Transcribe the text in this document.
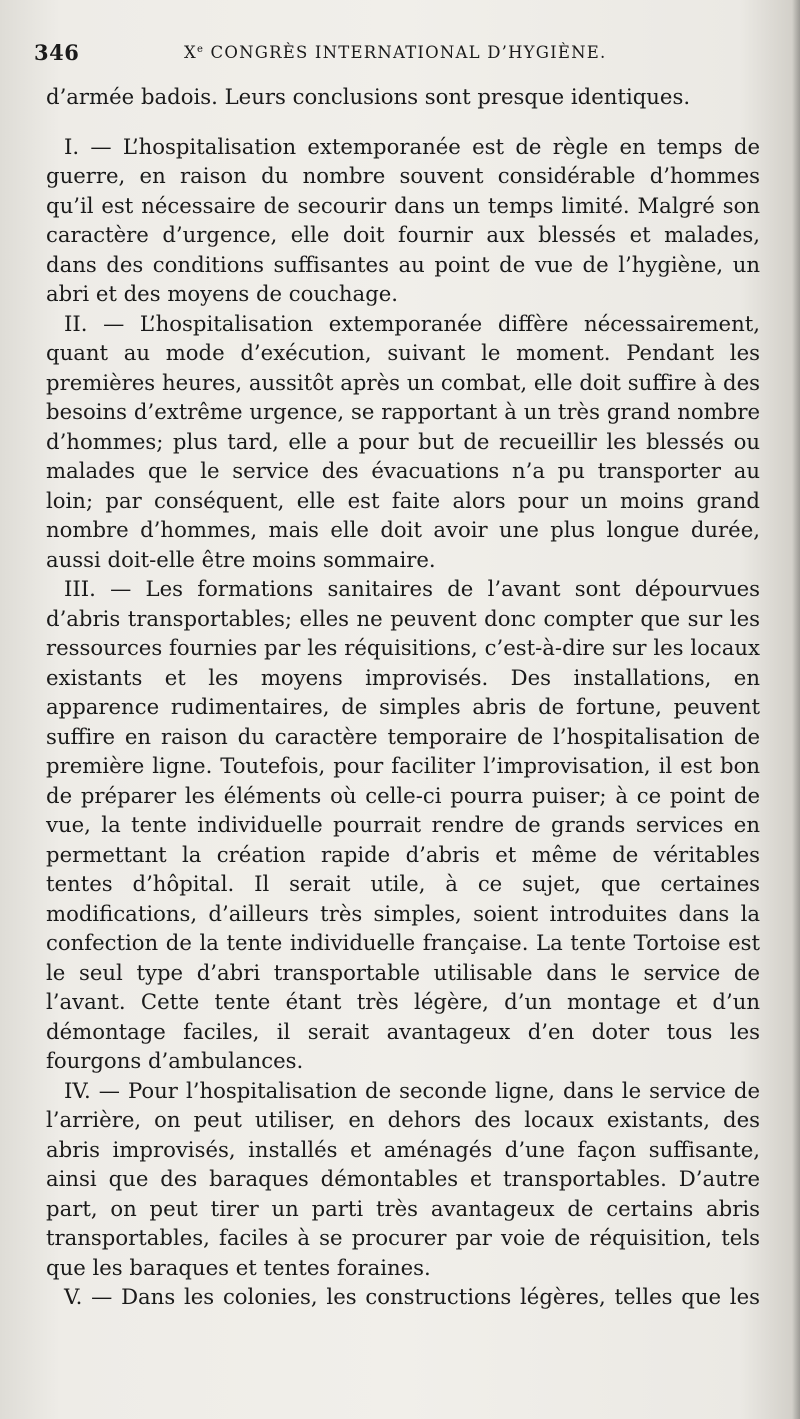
346	Xe CONGRÈS INTERNATIONAL D’HYGIÈNE.

d’armée badois. Leurs conclusions sont presque identiques.

I. — L’hospitalisation extemporanée est de règle en temps de guerre, en raison du nombre souvent considérable d’hommes qu’il est nécessaire de secourir dans un temps limité. Malgré son caractère d’urgence, elle doit fournir aux blessés et malades, dans des conditions suffisantes au point de vue de l’hygiène, un abri et des moyens de couchage.

II. — L’hospitalisation extemporanée diffère nécessairement, quant au mode d’exécution, suivant le moment. Pendant les premières heures, aussitôt après un combat, elle doit suffire à des besoins d’extrême urgence, se rapportant à un très grand nombre d’hommes; plus tard, elle a pour but de recueillir les blessés ou malades que le service des évacuations n’a pu transporter au loin; par conséquent, elle est faite alors pour un moins grand nombre d’hommes, mais elle doit avoir une plus longue durée, aussi doit-elle être moins sommaire.

III. — Les formations sanitaires de l’avant sont dépourvues d’abris transportables; elles ne peuvent donc compter que sur les ressources fournies par les réquisitions, c’est-à-dire sur les locaux existants et les moyens improvisés. Des installations, en apparence rudimentaires, de simples abris de fortune, peuvent suffire en raison du caractère temporaire de l’hospitalisation de première ligne. Toutefois, pour faciliter l’improvisation, il est bon de préparer les éléments où celle-ci pourra puiser; à ce point de vue, la tente individuelle pourrait rendre de grands services en permettant la création rapide d’abris et même de véritables tentes d’hôpital. Il serait utile, à ce sujet, que certaines modifications, d’ailleurs très simples, soient introduites dans la confection de la tente individuelle française. La tente Tortoise est le seul type d’abri transportable utilisable dans le service de l’avant. Cette tente étant très légère, d’un montage et d’un démontage faciles, il serait avantageux d’en doter tous les fourgons d’ambulances.

IV. — Pour l’hospitalisation de seconde ligne, dans le service de l’arrière, on peut utiliser, en dehors des locaux existants, des abris improvisés, installés et aménagés d’une façon suffisante, ainsi que des baraques démontables et transportables. D’autre part, on peut tirer un parti très avantageux de certains abris transportables, faciles à se procurer par voie de réquisition, tels que les baraques et tentes foraines.

V. — Dans les colonies, les constructions légères, telles que les
